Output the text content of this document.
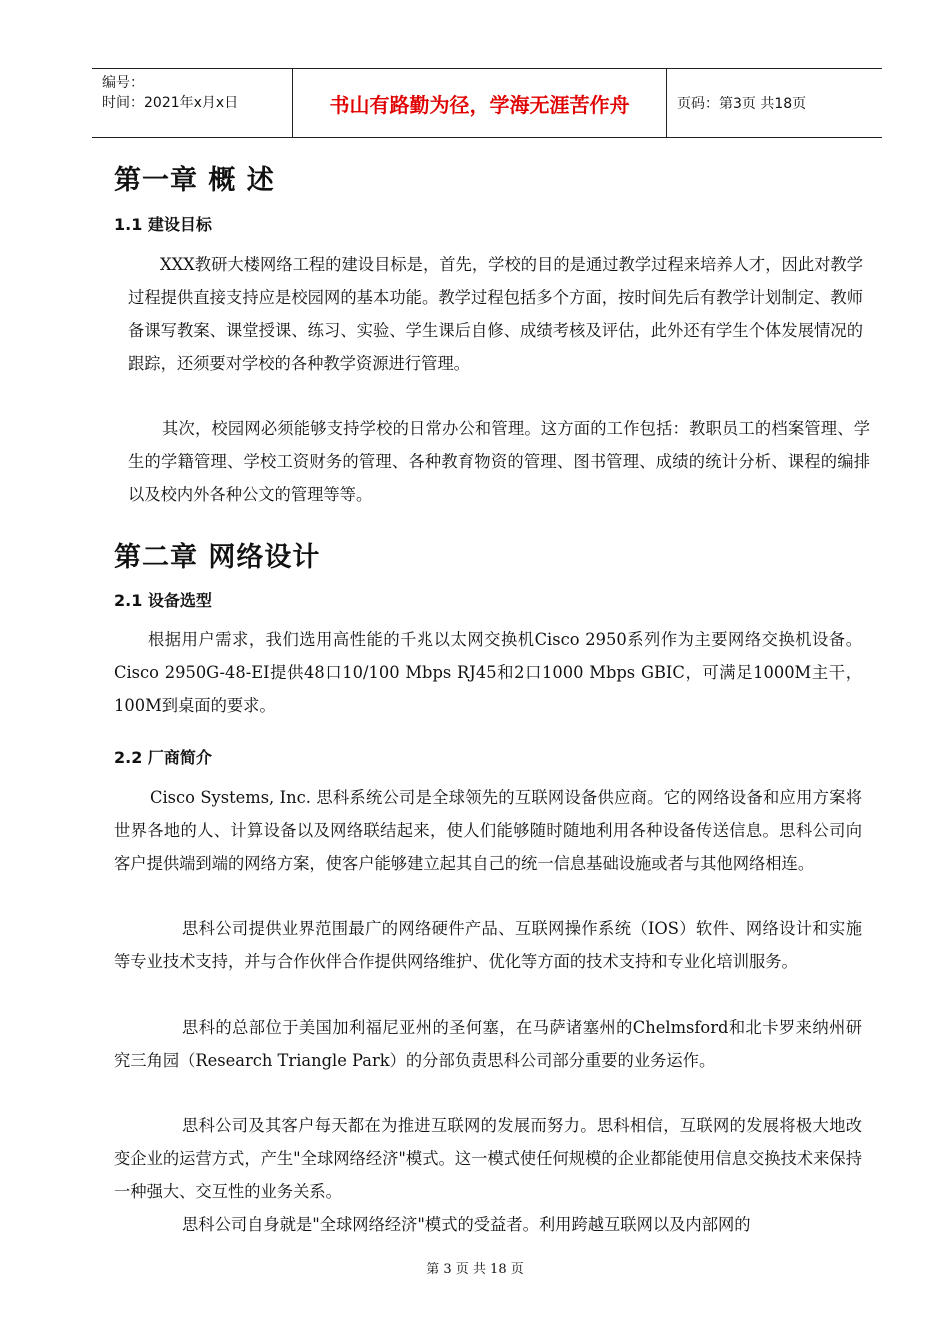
编号：
时间：2021年x月x日	书山有路勤为径，学海无涯苦作舟	页码：第3页 共18页
第一章 概 述
1.1 建设目标

XXX教研大楼网络工程的建设目标是，首先，学校的目的是通过教学过程来培养人才，因此对教学过程提供直接支持应是校园网的基本功能。教学过程包括多个方面，按时间先后有教学计划制定、教师备课写教案、课堂授课、练习、实验、学生课后自修、成绩考核及评估，此外还有学生个体发展情况的跟踪，还须要对学校的各种教学资源进行管理。

其次，校园网必须能够支持学校的日常办公和管理。这方面的工作包括：教职员工的档案管理、学生的学籍管理、学校工资财务的管理、各种教育物资的管理、图书管理、成绩的统计分析、课程的编排以及校内外各种公文的管理等等。

第二章 网络设计
2.1 设备选型

根据用户需求，我们选用高性能的千兆以太网交换机Cisco 2950系列作为主要网络交换机设备。Cisco 2950G-48-EI提供48口10/100 Mbps RJ45和2口1000 Mbps GBIC，可满足1000M主干，100M到桌面的要求。

2.2 厂商简介

Cisco Systems, Inc. 思科系统公司是全球领先的互联网设备供应商。它的网络设备和应用方案将世界各地的人、计算设备以及网络联结起来，使人们能够随时随地利用各种设备传送信息。思科公司向客户提供端到端的网络方案，使客户能够建立起其自己的统一信息基础设施或者与其他网络相连。

思科公司提供业界范围最广的网络硬件产品、互联网操作系统（IOS）软件、网络设计和实施等专业技术支持，并与合作伙伴合作提供网络维护、优化等方面的技术支持和专业化培训服务。

思科的总部位于美国加利福尼亚州的圣何塞，在马萨诸塞州的Chelmsford和北卡罗来纳州研究三角园（Research Triangle Park）的分部负责思科公司部分重要的业务运作。

思科公司及其客户每天都在为推进互联网的发展而努力。思科相信，互联网的发展将极大地改变企业的运营方式，产生"全球网络经济"模式。这一模式使任何规模的企业都能使用信息交换技术来保持一种强大、交互性的业务关系。

思科公司自身就是"全球网络经济"模式的受益者。利用跨越互联网以及内部网的

第 3 页 共 18 页
